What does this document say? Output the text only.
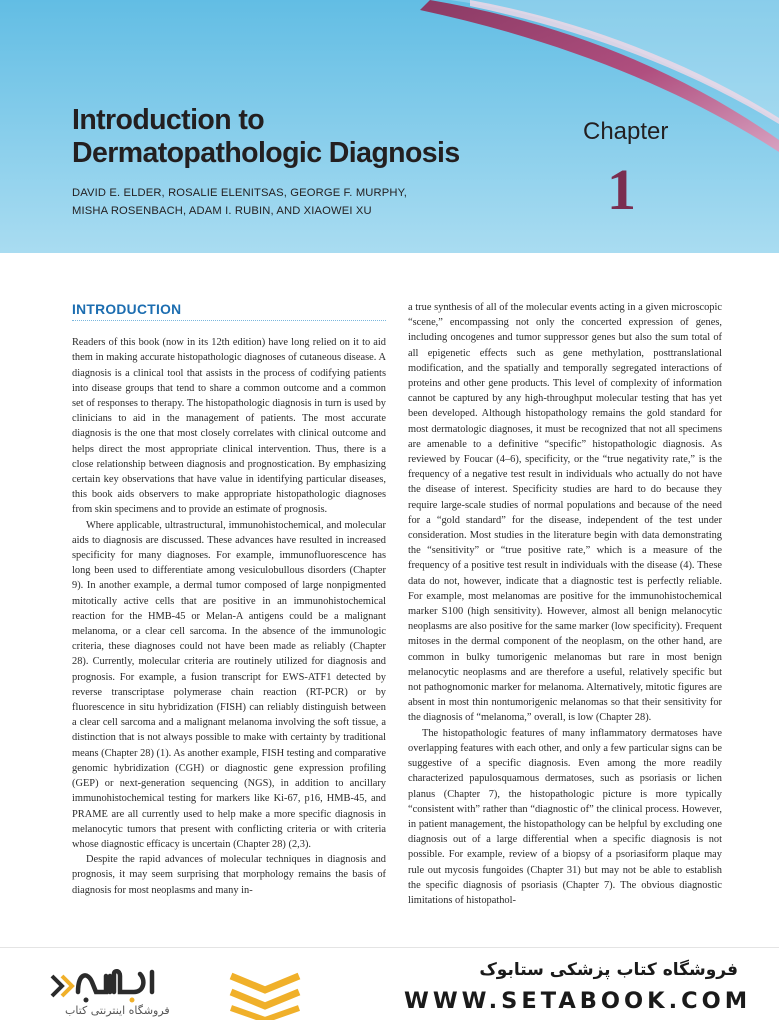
Introduction to
Dermatopathologic Diagnosis
DAVID E. ELDER, ROSALIE ELENITSAS, GEORGE F. MURPHY,
MISHA ROSENBACH, ADAM I. RUBIN, AND XIAOWEI XU
Chapter
1
INTRODUCTION

Readers of this book (now in its 12th edition) have long relied on it to aid them in making accurate histopathologic diagnoses of cutaneous disease. A diagnosis is a clinical tool that assists in the process of codifying patients into disease groups that tend to share a common outcome and a common set of responses to therapy. The histopathologic diagnosis in turn is used by clinicians to aid in the management of patients. The most accurate diagnosis is the one that most closely correlates with clinical outcome and helps direct the most appropriate clinical intervention. Thus, there is a close relationship between diagnosis and prognostication. By emphasizing certain key observations that have value in identifying particular diseases, this book aids observers to make appropriate histopathologic diagnoses from skin specimens and to provide an estimate of prognosis.

Where applicable, ultrastructural, immunohistochemical, and molecular aids to diagnosis are discussed. These advances have resulted in increased specificity for many diagnoses. For example, immunofluorescence has long been used to differentiate among vesiculobullous disorders (Chapter 9). In another example, a dermal tumor composed of large nonpigmented mitotically active cells that are positive in an immunohistochemical reaction for the HMB-45 or Melan-A antigens could be a malignant melanoma, or a clear cell sarcoma. In the absence of the immunologic criteria, these diagnoses could not have been made as reliably (Chapter 28). Currently, molecular criteria are routinely utilized for diagnosis and prognosis. For example, a fusion transcript for EWS-ATF1 detected by reverse transcriptase polymerase chain reaction (RT-PCR) or by fluorescence in situ hybridization (FISH) can reliably distinguish between a clear cell sarcoma and a malignant melanoma involving the soft tissue, a distinction that is not always possible to make with certainty by traditional means (Chapter 28) (1). As another example, FISH testing and comparative genomic hybridization (CGH) or diagnostic gene expression profiling (GEP) or next-generation sequencing (NGS), in addition to ancillary immunohistochemical testing for markers like Ki-67, p16, HMB-45, and PRAME are all currently used to help make a more specific diagnosis in melanocytic tumors that present with conflicting criteria or with criteria whose diagnostic efficacy is uncertain (Chapter 28) (2,3).

Despite the rapid advances of molecular techniques in diagnosis and prognosis, it may seem surprising that morphology remains the basis of diagnosis for most neoplasms and many in-

a true synthesis of all of the molecular events acting in a given microscopic “scene,” encompassing not only the concerted expression of genes, including oncogenes and tumor suppressor genes but also the sum total of all epigenetic effects such as gene methylation, posttranslational modification, and the spatially and temporally segregated interactions of proteins and other gene products. This level of complexity of information cannot be captured by any high-throughput molecular testing that has yet been developed. Although histopathology remains the gold standard for most dermatologic diagnoses, it must be recognized that not all specimens are amenable to a definitive “specific” histopathologic diagnosis. As reviewed by Foucar (4–6), specificity, or the “true negativity rate,” is the frequency of a negative test result in individuals who actually do not have the disease of interest. Specificity studies are hard to do because they require large-scale studies of normal populations and because of the need for a “gold standard” for the disease, independent of the test under consideration. Most studies in the literature begin with data demonstrating the “sensitivity” or “true positive rate,” which is a measure of the frequency of a positive test result in individuals with the disease (4). These data do not, however, indicate that a diagnostic test is perfectly reliable. For example, most melanomas are positive for the immunohistochemical marker S100 (high sensitivity). However, almost all benign melanocytic neoplasms are also positive for the same marker (low specificity). Frequent mitoses in the dermal component of the neoplasm, on the other hand, are common in bulky tumorigenic melanomas but rare in most benign melanocytic neoplasms and are therefore a useful, relatively specific but not pathognomonic marker for melanoma. Alternatively, mitotic figures are absent in most thin nontumorigenic melanomas so that their sensitivity for the diagnosis of “melanoma,” overall, is low (Chapter 28).

The histopathologic features of many inflammatory dermatoses have overlapping features with each other, and only a few particular signs can be suggestive of a specific diagnosis. Even among the more readily characterized papulosquamous dermatoses, such as psoriasis or lichen planus (Chapter 7), the histopathologic picture is more typically “consistent with” rather than “diagnostic of” the clinical process. However, in patient management, the histopathology can be helpful by excluding one diagnosis out of a large differential when a specific diagnosis is not possible. For example, review of a biopsy of a psoriasiform plaque may rule out mycosis fungoides (Chapter 31) but may not be able to establish the specific diagnosis of psoriasis (Chapter 7). The obvious diagnostic limitations of histopathol-

فروشگاه اینترنتی کتاب
فروشگاه کتاب پزشکی ستابوک
WWW.SETABOOK.COM
